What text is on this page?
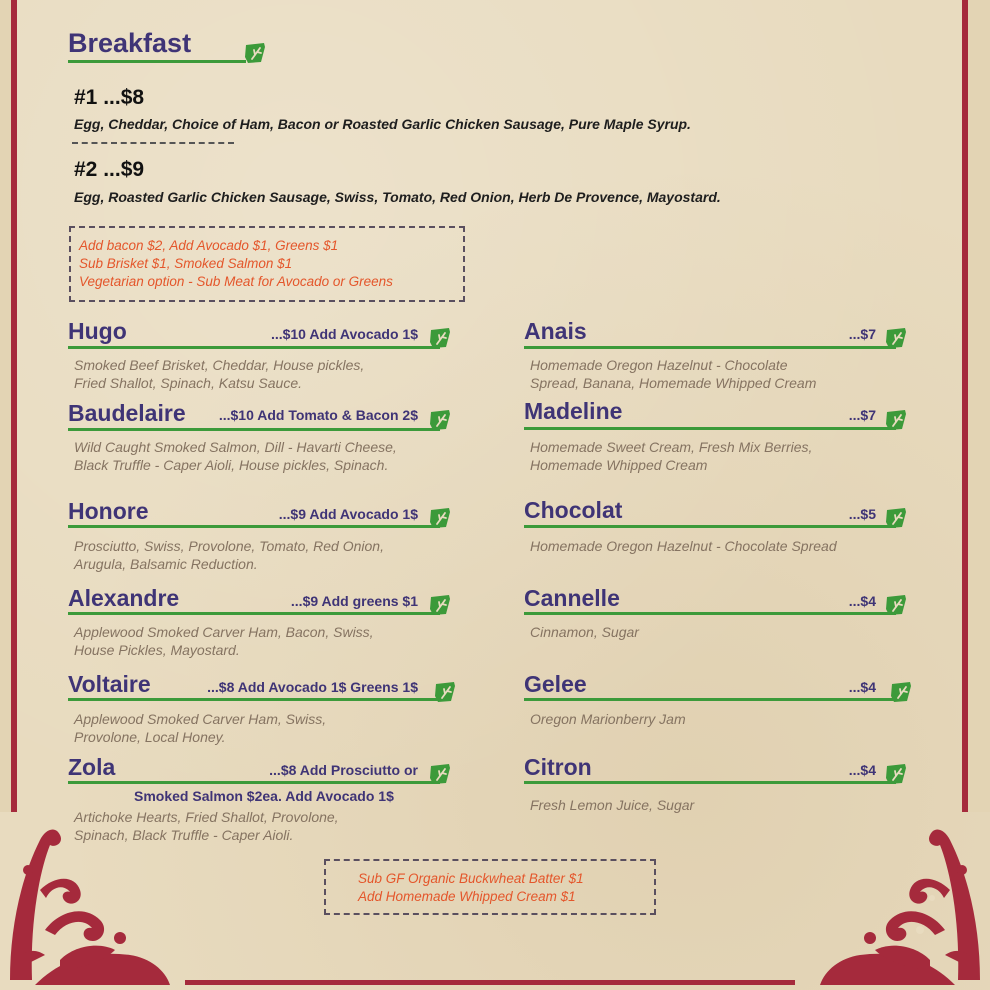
Breakfast
#1 ...$8
Egg, Cheddar, Choice of Ham, Bacon or Roasted Garlic Chicken Sausage, Pure Maple Syrup.
#2 ...$9
Egg, Roasted Garlic Chicken Sausage, Swiss, Tomato, Red Onion, Herb De Provence, Mayostard.
Add bacon $2, Add Avocado $1, Greens $1
Sub Brisket $1, Smoked Salmon $1
Vegetarian option - Sub Meat for Avocado or Greens
Hugo	...$10 Add Avocado 1$
Smoked Beef Brisket, Cheddar, House pickles,
Fried Shallot, Spinach, Katsu Sauce.
Baudelaire ...$10 Add Tomato & Bacon 2$
Wild Caught Smoked Salmon, Dill - Havarti Cheese,
Black Truffle - Caper Aioli, House pickles, Spinach.
Honore	...$9 Add Avocado 1$
Prosciutto, Swiss, Provolone, Tomato, Red Onion,
Arugula, Balsamic Reduction.
Alexandre	...$9 Add greens $1
Applewood Smoked Carver Ham, Bacon, Swiss,
House Pickles, Mayostard.
Voltaire	...$8 Add Avocado 1$ Greens 1$
Applewood Smoked Carver Ham, Swiss,
Provolone, Local Honey.
Zola	...$8 Add Prosciutto or
Smoked Salmon $2ea. Add Avocado 1$
Artichoke Hearts, Fried Shallot, Provolone,
Spinach, Black Truffle - Caper Aioli.
Anais	...$7
Homemade Oregon Hazelnut - Chocolate
Spread, Banana, Homemade Whipped Cream
Madeline	...$7
Homemade Sweet Cream, Fresh Mix Berries,
Homemade Whipped Cream
Chocolat	...$5
Homemade Oregon Hazelnut - Chocolate Spread
Cannelle	...$4
Cinnamon, Sugar
Gelee	...$4
Oregon Marionberry Jam
Citron	...$4
Fresh Lemon Juice, Sugar
Sub GF Organic Buckwheat Batter $1
Add Homemade Whipped Cream $1
